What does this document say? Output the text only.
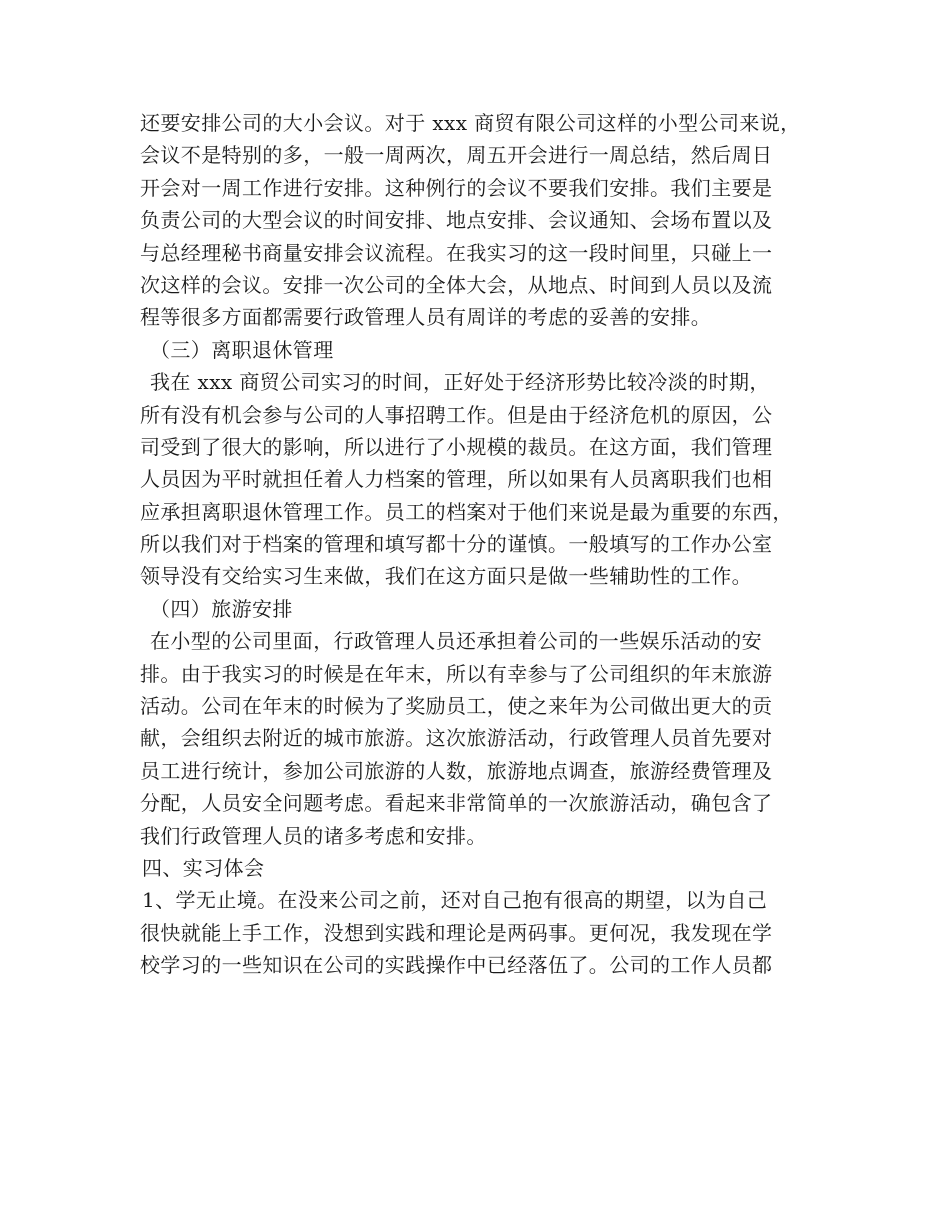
还要安排公司的大小会议。对于 xxx 商贸有限公司这样的小型公司来说，
会议不是特别的多，一般一周两次，周五开会进行一周总结，然后周日
开会对一周工作进行安排。这种例行的会议不要我们安排。我们主要是
负责公司的大型会议的时间安排、地点安排、会议通知、会场布置以及
与总经理秘书商量安排会议流程。在我实习的这一段时间里，只碰上一
次这样的会议。安排一次公司的全体大会，从地点、时间到人员以及流
程等很多方面都需要行政管理人员有周详的考虑的妥善的安排。
（三）离职退休管理
我在 xxx 商贸公司实习的时间，正好处于经济形势比较冷淡的时期，
所有没有机会参与公司的人事招聘工作。但是由于经济危机的原因，公
司受到了很大的影响，所以进行了小规模的裁员。在这方面，我们管理
人员因为平时就担任着人力档案的管理，所以如果有人员离职我们也相
应承担离职退休管理工作。员工的档案对于他们来说是最为重要的东西，
所以我们对于档案的管理和填写都十分的谨慎。一般填写的工作办公室
领导没有交给实习生来做，我们在这方面只是做一些辅助性的工作。
（四）旅游安排
在小型的公司里面，行政管理人员还承担着公司的一些娱乐活动的安
排。由于我实习的时候是在年末，所以有幸参与了公司组织的年末旅游
活动。公司在年末的时候为了奖励员工，使之来年为公司做出更大的贡
献，会组织去附近的城市旅游。这次旅游活动，行政管理人员首先要对
员工进行统计，参加公司旅游的人数，旅游地点调查，旅游经费管理及
分配，人员安全问题考虑。看起来非常简单的一次旅游活动，确包含了
我们行政管理人员的诸多考虑和安排。
四、实习体会
1、学无止境。在没来公司之前，还对自己抱有很高的期望，以为自己
很快就能上手工作，没想到实践和理论是两码事。更何况，我发现在学
校学习的一些知识在公司的实践操作中已经落伍了。公司的工作人员都
